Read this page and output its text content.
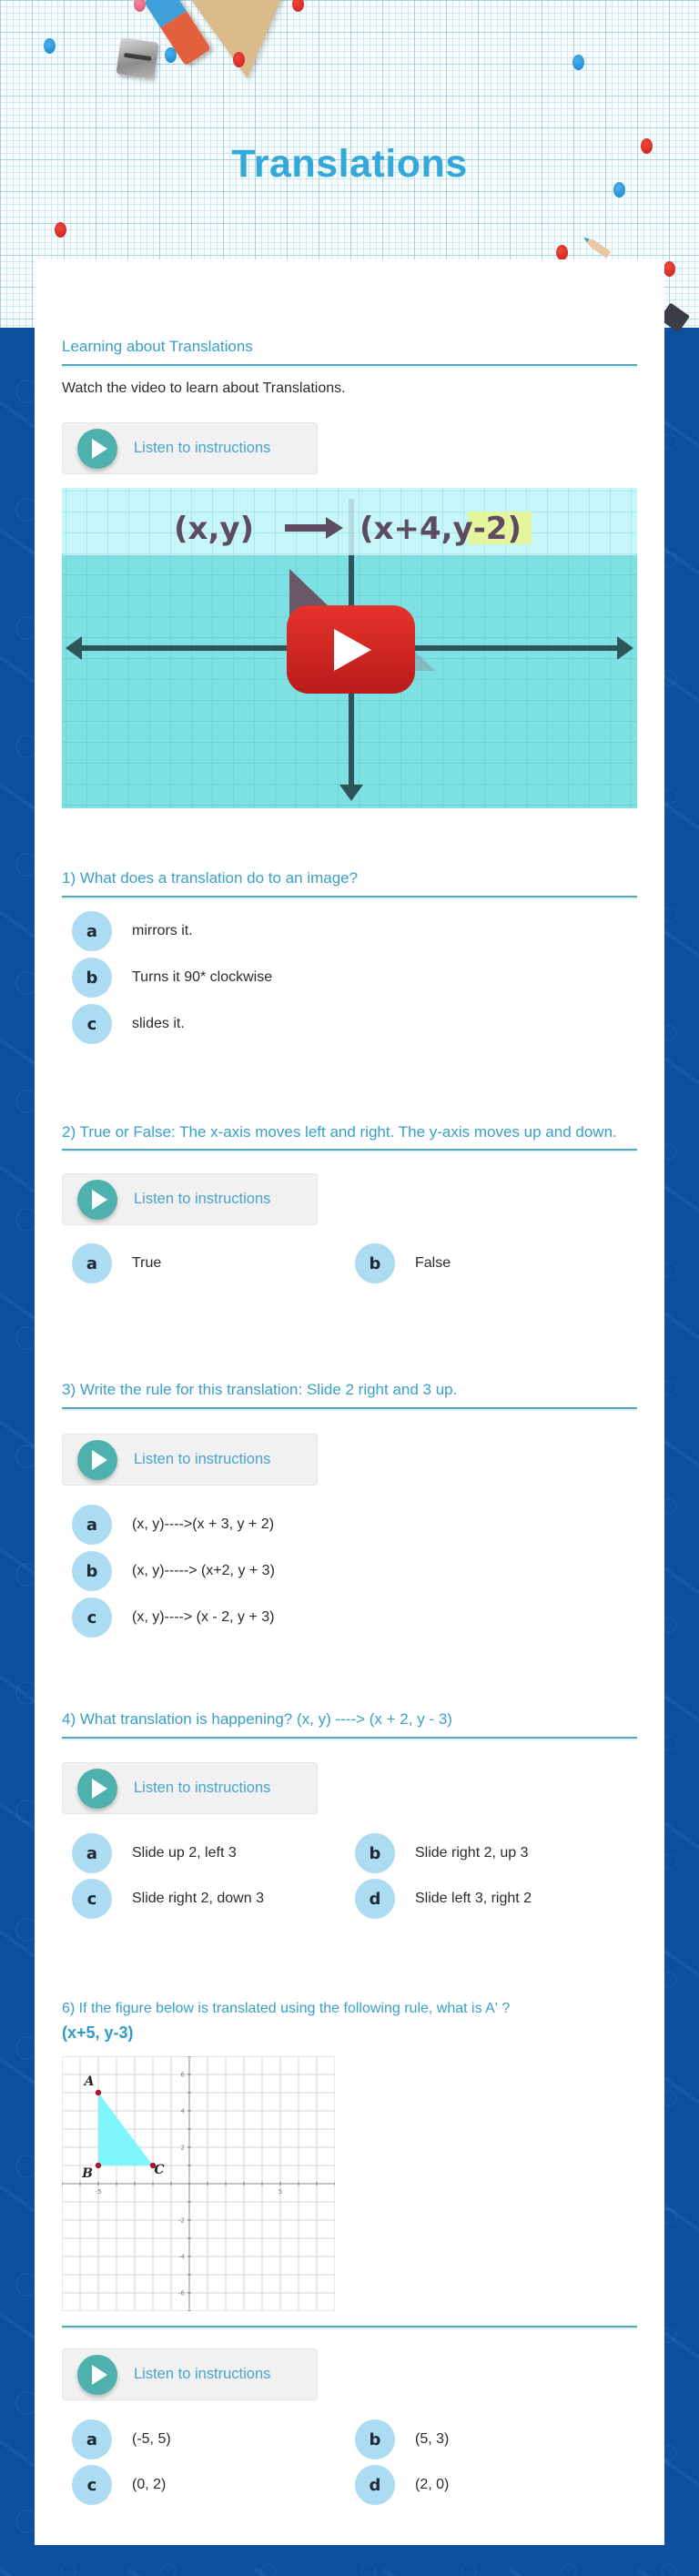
Translations
Learning about Translations

Watch the video to learn about Translations.

Listen to instructions
(x,y)	(x+4,y-2)
1) What does a translation do to an image?
a	mirrors it.
b	Turns it 90* clockwise
c	slides it.
2) True or False: The x-axis moves left and right. The y-axis moves up and down.
Listen to instructions
a	True	b	False
3) Write the rule for this translation: Slide 2 right and 3 up.
Listen to instructions
a	(x, y)---->(x + 3, y + 2)
b	(x, y)-----> (x+2, y + 3)
c	(x, y)----> (x - 2, y + 3)
4) What translation is happening? (x, y) ----> (x + 2, y - 3)
Listen to instructions
a	Slide up 2, left 3	b	Slide right 2, up 3
c	Slide right 2, down 3	d	Slide left 3, right 2
6) If the figure below is translated using the following rule, what is A' ?

(x+5, y-3)

-5	5
6
4
2
-2
-4
-6
A
B	C
Listen to instructions
a	(-5, 5)	b	(5, 3)
c	(0, 2)	d	(2, 0)
